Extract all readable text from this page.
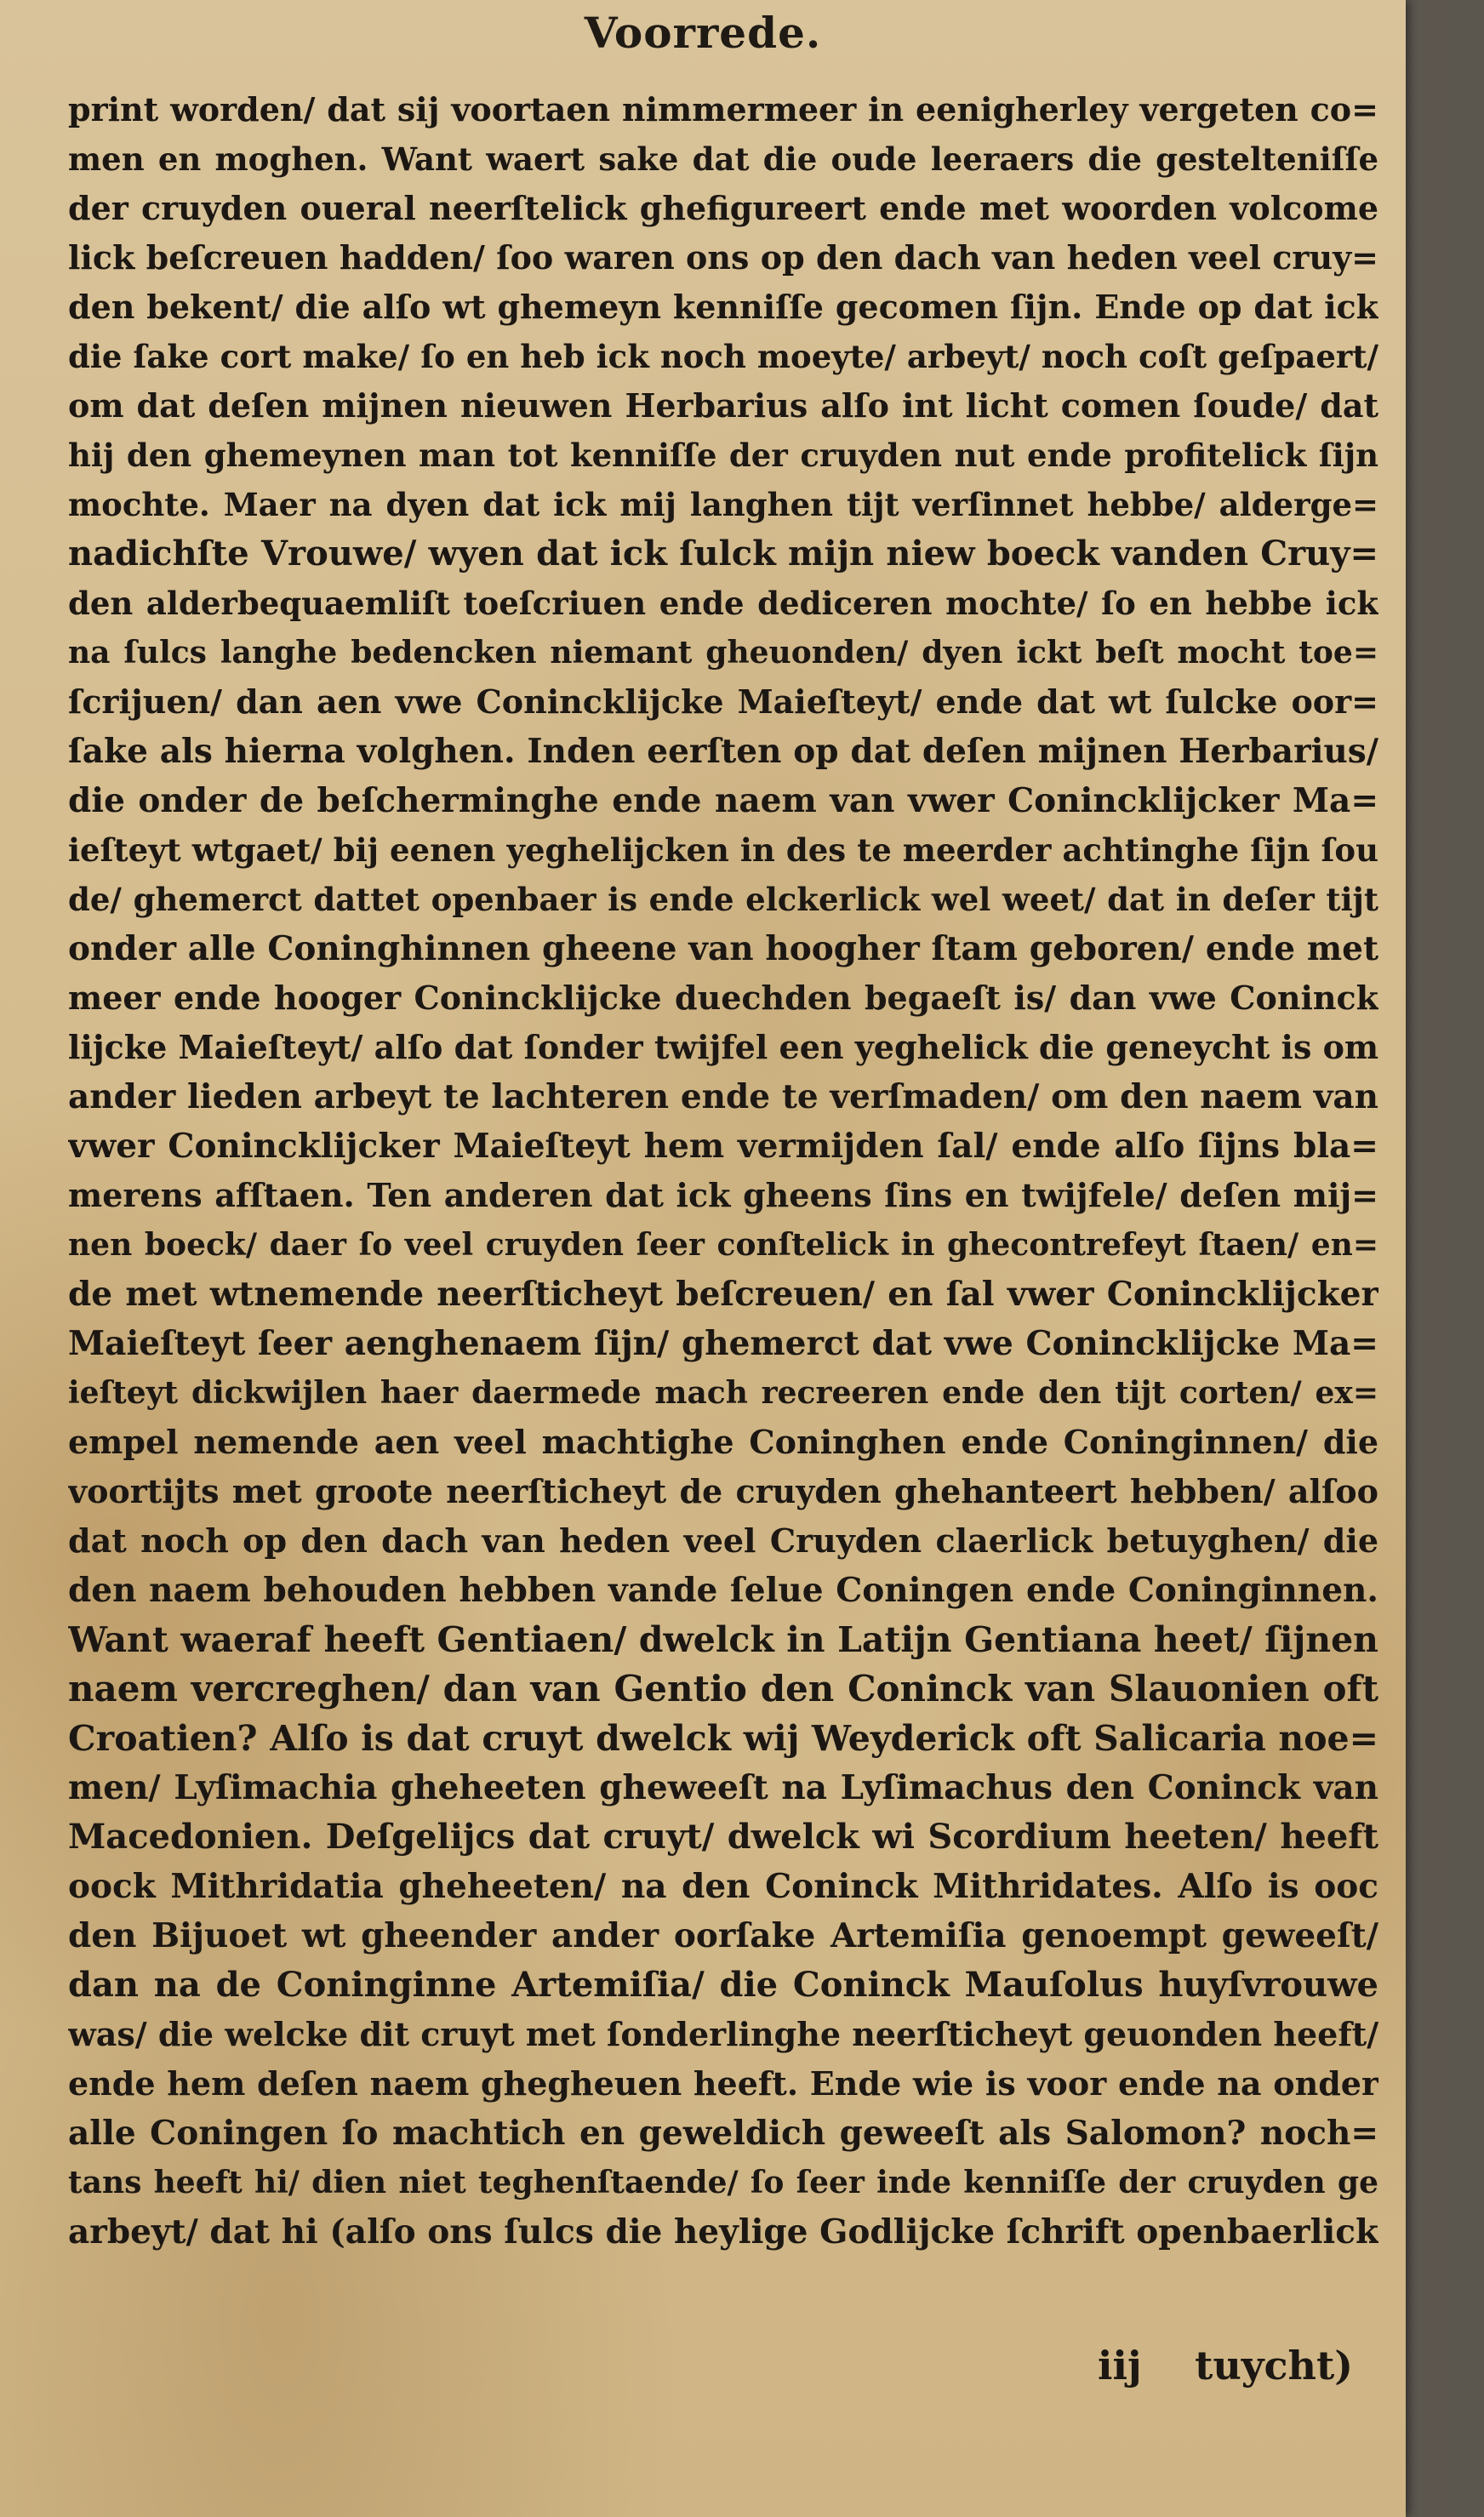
Voorrede.
print worden/ dat sij voortaen nimmermeer in eenigherley vergeten co=
men en moghen. Want waert sake dat die oude leeraers die gestelteniſſe
der cruyden oueral neerſtelick ghefigureert ende met woorden volcome
lick beſcreuen hadden/ ſoo waren ons op den dach van heden veel cruy=
den bekent/ die alſo wt ghemeyn kenniſſe gecomen ſijn. Ende op dat ick
die ſake cort make/ ſo en heb ick noch moeyte/ arbeyt/ noch coſt geſpaert/
om dat deſen mijnen nieuwen Herbarius alſo int licht comen ſoude/ dat
hij den ghemeynen man tot kenniſſe der cruyden nut ende profitelick ſijn
mochte. Maer na dyen dat ick mij langhen tijt verſinnet hebbe/ alderge=
nadichſte Vrouwe/ wyen dat ick ſulck mijn niew boeck vanden Cruy=
den alderbequaemliſt toeſcriuen ende dediceren mochte/ ſo en hebbe ick
na ſulcs langhe bedencken niemant gheuonden/ dyen ickt beſt mocht toe=
ſcrijuen/ dan aen vwe Coninckliјcke Maieſteyt/ ende dat wt ſulcke oor=
ſake als hierna volghen. Inden eerſten op dat deſen mijnen Herbarius/
die onder de beſcherminghe ende naem van vwer Coninckliјcker Ma=
ieſteyt wtgaet/ bij eenen yegheliјcken in des te meerder achtinghe ſijn ſou
de/ ghemerct dattet openbaer is ende elckerlick wel weet/ dat in deſer tijt
onder alle Coninghinnen gheene van hoogher ſtam geboren/ ende met
meer ende hooger Coninckliјcke duechden begaeſt is/ dan vwe Coninck
liјcke Maieſteyt/ alſo dat ſonder twijfel een yeghelick die geneycht is om
ander lieden arbeyt te lachteren ende te verſmaden/ om den naem van
vwer Coninckliјcker Maieſteyt hem vermijden ſal/ ende alſo ſijns bla=
merens afſtaen. Ten anderen dat ick gheens ſins en twijfele/ deſen mij=
nen boeck/ daer ſo veel cruyden ſeer conſtelick in ghecontrefeyt ſtaen/ en=
de met wtnemende neerſticheyt beſcreuen/ en ſal vwer Coninckliјcker
Maieſteyt ſeer aenghenaem ſijn/ ghemerct dat vwe Coninckliјcke Ma=
ieſteyt dickwijlen haer daermede mach recreeren ende den tijt corten/ ex=
empel nemende aen veel machtighe Coninghen ende Coninginnen/ die
voortijts met groote neerſticheyt de cruyden ghehanteert hebben/ alſoo
dat noch op den dach van heden veel Cruyden claerlick betuyghen/ die
den naem behouden hebben vande ſelue Coningen ende Coninginnen.
Want waeraf heeft Gentiaen/ dwelck in Latijn Gentiana heet/ ſijnen
naem vercreghen/ dan van Gentio den Coninck van Slauonien oft
Croatien? Alſo is dat cruyt dwelck wij Weyderick oft Salicaria noe=
men/ Lyſimachia gheheeten gheweeſt na Lyſimachus den Coninck van
Macedonien. Deſgeliјcs dat cruyt/ dwelck wi Scordium heeten/ heeft
oock Mithridatia gheheeten/ na den Coninck Mithridates. Alſo is ooc
den Bijuoet wt gheender ander oorſake Artemiſia genoempt geweeſt/
dan na de Coninginne Artemiſia/ die Coninck Mauſolus huyſvrouwe
was/ die welcke dit cruyt met ſonderlinghe neerſticheyt geuonden heeft/
ende hem deſen naem ghegheuen heeft. Ende wie is voor ende na onder
alle Coningen ſo machtich en geweldich geweeſt als Salomon? noch=
tans heeft hi/ dien niet teghenſtaende/ ſo ſeer inde kenniſſe der cruyden ge
arbeyt/ dat hi (alſo ons ſulcs die heylige Godliјcke ſchrift openbaerlick
iij tuycht)
